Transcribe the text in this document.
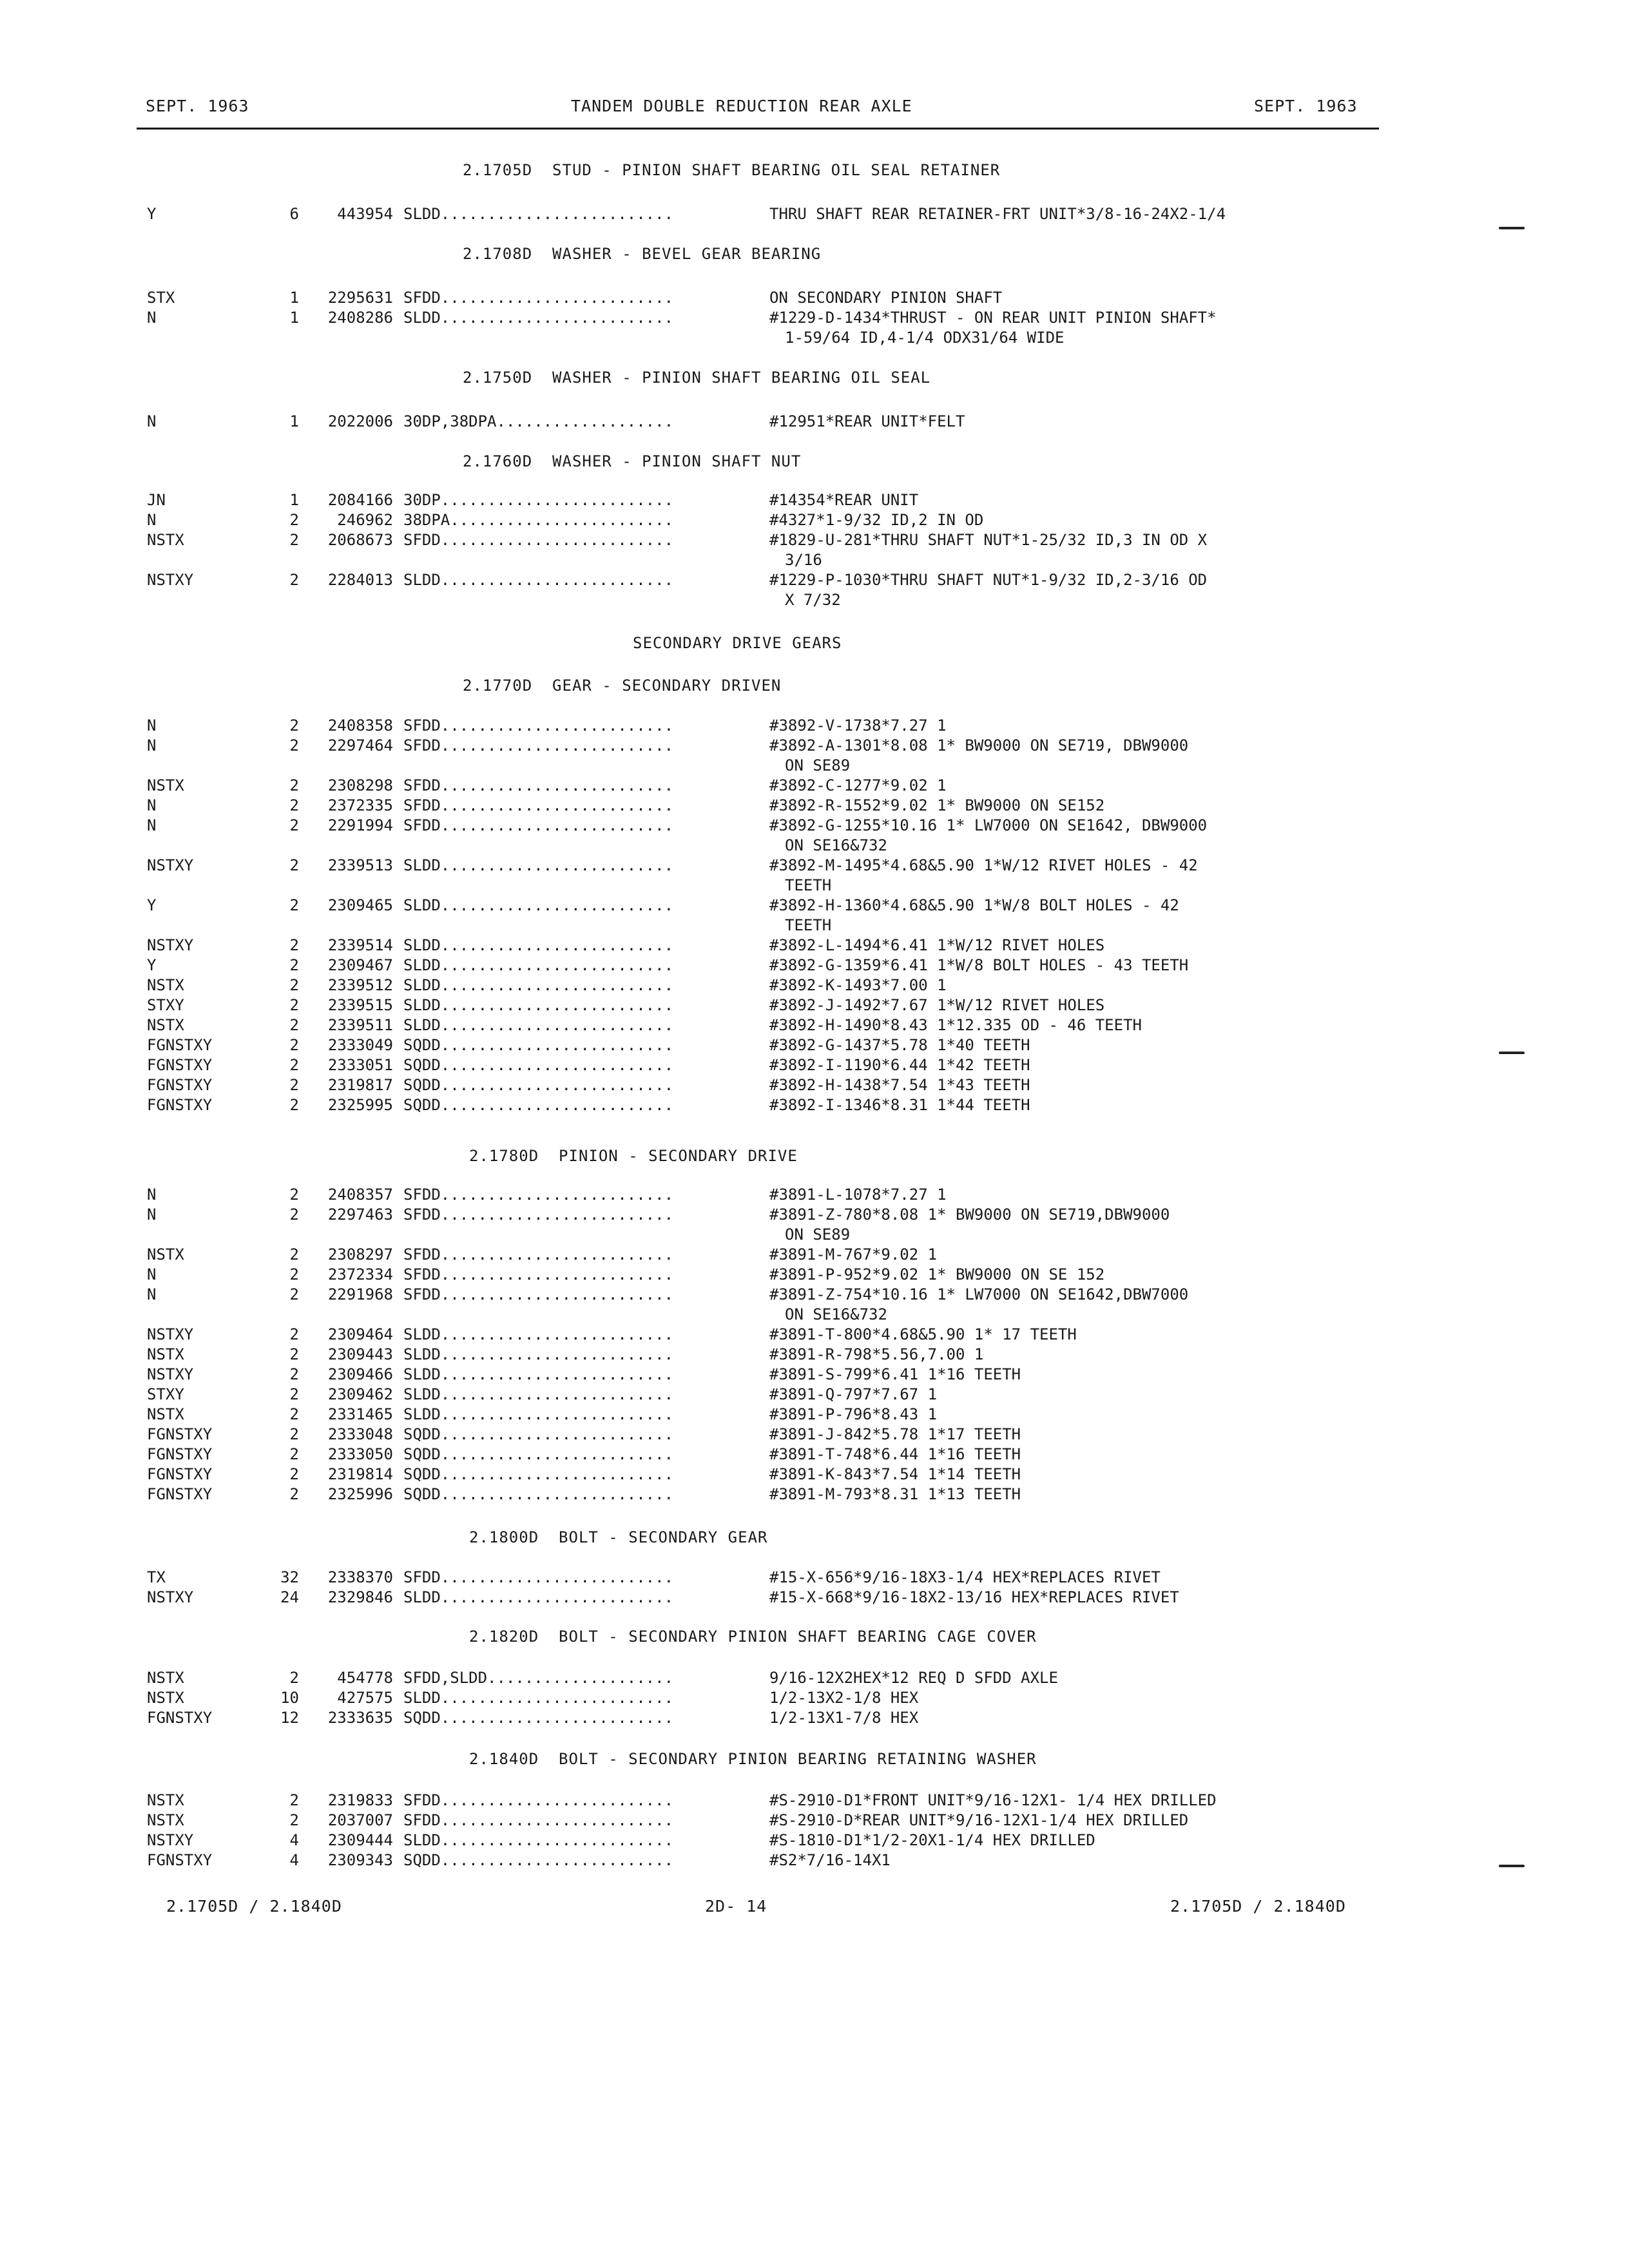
SEPT. 1963	TANDEM DOUBLE REDUCTION REAR AXLE	SEPT. 1963
2.1705D  STUD - PINION SHAFT BEARING OIL SEAL RETAINER
Y	6	443954 SLDD.........................	THRU SHAFT REAR RETAINER-FRT UNIT*3/8-16-24X2-1/4
2.1708D  WASHER - BEVEL GEAR BEARING
STX	1	2295631 SFDD.........................	ON SECONDARY PINION SHAFT
N	1	2408286 SLDD.........................	#1229-D-1434*THRUST - ON REAR UNIT PINION SHAFT*
1-59/64 ID,4-1/4 ODX31/64 WIDE
2.1750D  WASHER - PINION SHAFT BEARING OIL SEAL
N	1	2022006 30DP,38DPA...................	#12951*REAR UNIT*FELT
2.1760D  WASHER - PINION SHAFT NUT
JN	1	2084166 30DP.........................	#14354*REAR UNIT
N	2	246962 38DPA........................	#4327*1-9/32 ID,2 IN OD
NSTX	2	2068673 SFDD.........................	#1829-U-281*THRU SHAFT NUT*1-25/32 ID,3 IN OD X
3/16
NSTXY	2	2284013 SLDD.........................	#1229-P-1030*THRU SHAFT NUT*1-9/32 ID,2-3/16 OD
X 7/32
SECONDARY DRIVE GEARS
2.1770D  GEAR - SECONDARY DRIVEN
N	2	2408358 SFDD.........................	#3892-V-1738*7.27 1
N	2	2297464 SFDD.........................	#3892-A-1301*8.08 1* BW9000 ON SE719, DBW9000
ON SE89
NSTX	2	2308298 SFDD.........................	#3892-C-1277*9.02 1
N	2	2372335 SFDD.........................	#3892-R-1552*9.02 1* BW9000 ON SE152
N	2	2291994 SFDD.........................	#3892-G-1255*10.16 1* LW7000 ON SE1642, DBW9000
ON SE16&732
NSTXY	2	2339513 SLDD.........................	#3892-M-1495*4.68&5.90 1*W/12 RIVET HOLES - 42
TEETH
Y	2	2309465 SLDD.........................	#3892-H-1360*4.68&5.90 1*W/8 BOLT HOLES - 42
TEETH
NSTXY	2	2339514 SLDD.........................	#3892-L-1494*6.41 1*W/12 RIVET HOLES
Y	2	2309467 SLDD.........................	#3892-G-1359*6.41 1*W/8 BOLT HOLES - 43 TEETH
NSTX	2	2339512 SLDD.........................	#3892-K-1493*7.00 1
STXY	2	2339515 SLDD.........................	#3892-J-1492*7.67 1*W/12 RIVET HOLES
NSTX	2	2339511 SLDD.........................	#3892-H-1490*8.43 1*12.335 OD - 46 TEETH
FGNSTXY	2	2333049 SQDD.........................	#3892-G-1437*5.78 1*40 TEETH
FGNSTXY	2	2333051 SQDD.........................	#3892-I-1190*6.44 1*42 TEETH
FGNSTXY	2	2319817 SQDD.........................	#3892-H-1438*7.54 1*43 TEETH
FGNSTXY	2	2325995 SQDD.........................	#3892-I-1346*8.31 1*44 TEETH
2.1780D  PINION - SECONDARY DRIVE
N	2	2408357 SFDD.........................	#3891-L-1078*7.27 1
N	2	2297463 SFDD.........................	#3891-Z-780*8.08 1* BW9000 ON SE719,DBW9000
ON SE89
NSTX	2	2308297 SFDD.........................	#3891-M-767*9.02 1
N	2	2372334 SFDD.........................	#3891-P-952*9.02 1* BW9000 ON SE 152
N	2	2291968 SFDD.........................	#3891-Z-754*10.16 1* LW7000 ON SE1642,DBW7000
ON SE16&732
NSTXY	2	2309464 SLDD.........................	#3891-T-800*4.68&5.90 1* 17 TEETH
NSTX	2	2309443 SLDD.........................	#3891-R-798*5.56,7.00 1
NSTXY	2	2309466 SLDD.........................	#3891-S-799*6.41 1*16 TEETH
STXY	2	2309462 SLDD.........................	#3891-Q-797*7.67 1
NSTX	2	2331465 SLDD.........................	#3891-P-796*8.43 1
FGNSTXY	2	2333048 SQDD.........................	#3891-J-842*5.78 1*17 TEETH
FGNSTXY	2	2333050 SQDD.........................	#3891-T-748*6.44 1*16 TEETH
FGNSTXY	2	2319814 SQDD.........................	#3891-K-843*7.54 1*14 TEETH
FGNSTXY	2	2325996 SQDD.........................	#3891-M-793*8.31 1*13 TEETH
2.1800D  BOLT - SECONDARY GEAR
TX	32	2338370 SFDD.........................	#15-X-656*9/16-18X3-1/4 HEX*REPLACES RIVET
NSTXY	24	2329846 SLDD.........................	#15-X-668*9/16-18X2-13/16 HEX*REPLACES RIVET
2.1820D  BOLT - SECONDARY PINION SHAFT BEARING CAGE COVER
NSTX	2	454778 SFDD,SLDD....................	9/16-12X2HEX*12 REQ D SFDD AXLE
NSTX	10	427575 SLDD.........................	1/2-13X2-1/8 HEX
FGNSTXY	12	2333635 SQDD.........................	1/2-13X1-7/8 HEX
2.1840D  BOLT - SECONDARY PINION BEARING RETAINING WASHER
NSTX	2	2319833 SFDD.........................	#S-2910-D1*FRONT UNIT*9/16-12X1- 1/4 HEX DRILLED
NSTX	2	2037007 SFDD.........................	#S-2910-D*REAR UNIT*9/16-12X1-1/4 HEX DRILLED
NSTXY	4	2309444 SLDD.........................	#S-1810-D1*1/2-20X1-1/4 HEX DRILLED
FGNSTXY	4	2309343 SQDD.........................	#S2*7/16-14X1
2.1705D / 2.1840D	2D- 14	2.1705D / 2.1840D
